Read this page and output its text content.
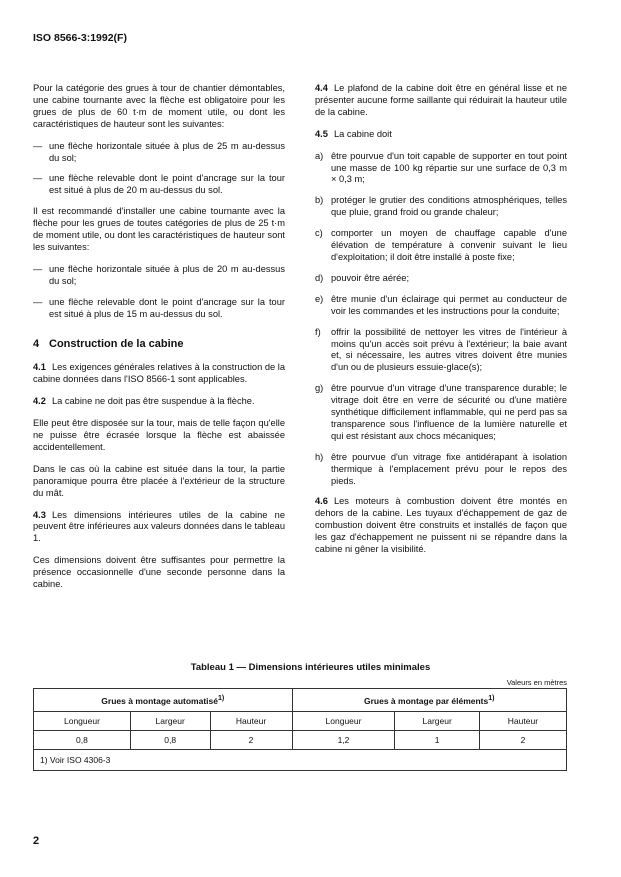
ISO 8566-3:1992(F)

Pour la catégorie des grues à tour de chantier démontables, une cabine tournante avec la flèche est obligatoire pour les grues de plus de 60 t·m de moment utile, ou dont les caractéristiques de hauteur sont les suivantes:

— une flèche horizontale située à plus de 25 m au-dessus du sol;
— une flèche relevable dont le point d'ancrage sur la tour est situé à plus de 20 m au-dessus du sol.

Il est recommandé d'installer une cabine tournante avec la flèche pour les grues de toutes catégories de plus de 25 t·m de moment utile, ou dont les caractéristiques de hauteur sont les suivantes:

— une flèche horizontale située à plus de 20 m au-dessus du sol;
— une flèche relevable dont le point d'ancrage sur la tour est situé à plus de 15 m au-dessus du sol.
4 Construction de la cabine

4.1 Les exigences générales relatives à la construction de la cabine données dans l'ISO 8566-1 sont applicables.

4.2 La cabine ne doit pas être suspendue à la flèche.

Elle peut être disposée sur la tour, mais de telle façon qu'elle ne puisse être écrasée lorsque la flèche est abaissée accidentellement.

Dans le cas où la cabine est située dans la tour, la partie panoramique pourra être placée à l'extérieur de la structure du mât.

4.3 Les dimensions intérieures utiles de la cabine ne peuvent être inférieures aux valeurs données dans le tableau 1.

Ces dimensions doivent être suffisantes pour permettre la présence occasionnelle d'une seconde personne dans la cabine.

4.4 Le plafond de la cabine doit être en général lisse et ne présenter aucune forme saillante qui réduirait la hauteur utile de la cabine.

4.5 La cabine doit

a) être pourvue d'un toit capable de supporter en tout point une masse de 100 kg répartie sur une surface de 0,3 m × 0,3 m;
b) protéger le grutier des conditions atmosphériques, telles que pluie, grand froid ou grande chaleur;
c) comporter un moyen de chauffage capable d'une élévation de température à convenir suivant le lieu d'exploitation; il doit être installé à poste fixe;
d) pouvoir être aérée;
e) être munie d'un éclairage qui permet au conducteur de voir les commandes et les instructions pour la conduite;
f) offrir la possibilité de nettoyer les vitres de l'intérieur à moins qu'un accès soit prévu à l'extérieur; la baie avant et, si nécessaire, les autres vitres doivent être munies d'un ou de plusieurs essuie-glace(s);
g) être pourvue d'un vitrage d'une transparence durable; le vitrage doit être en verre de sécurité ou d'une matière synthétique difficilement inflammable, qui ne perd pas sa transparence sous l'influence de la lumière naturelle et qui est résistant aux chocs mécaniques;
h) être pourvue d'un vitrage fixe antidérapant à isolation thermique à l'emplacement prévu pour le repos des pieds.

4.6 Les moteurs à combustion doivent être montés en dehors de la cabine. Les tuyaux d'échappement de gaz de combustion doivent être construits et installés de façon que les gaz d'échappement ne puissent ni se répandre dans la cabine ni gêner la visibilité.

Tableau 1 — Dimensions intérieures utiles minimales
Valeurs en mètres
Grues à montage automatisé$^{1)}$			Grues à montage par éléments$^{1)}$
Longueur	Largeur	Hauteur	Longueur	Largeur	Hauteur
0,8	0,8	2	1,2	1	2
1) Voir ISO 4306-3					
2
